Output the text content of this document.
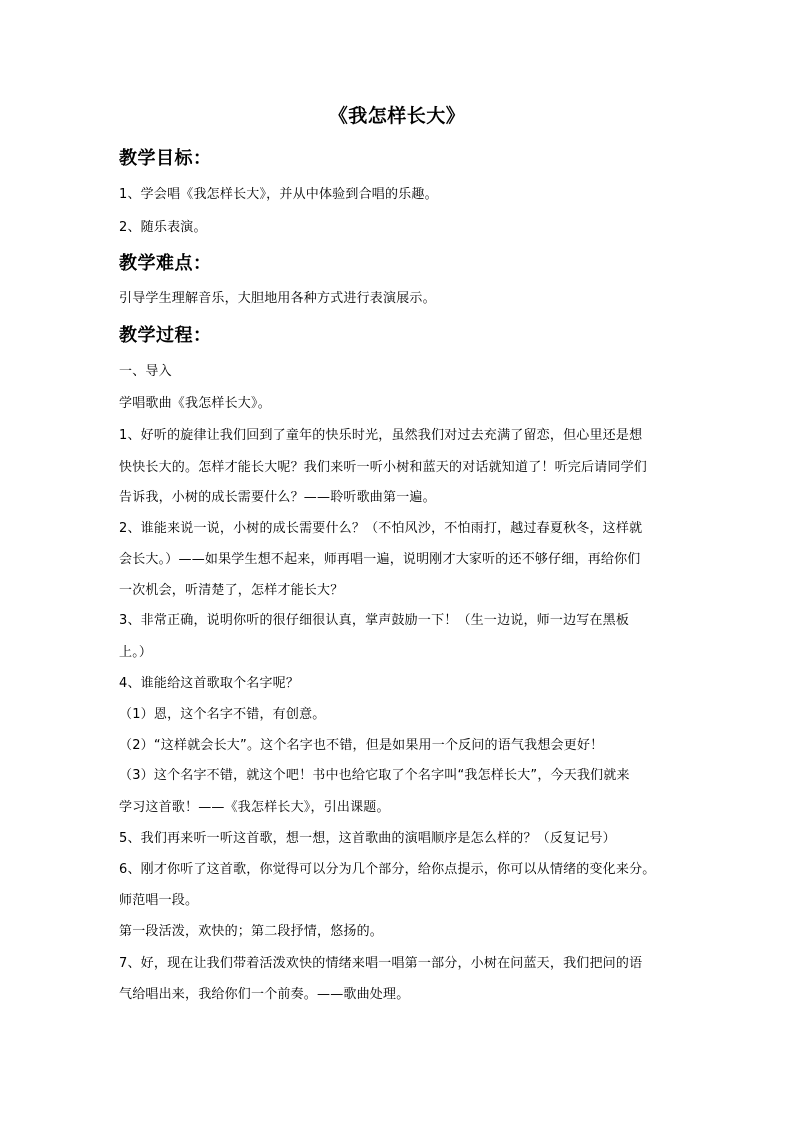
《我怎样长大》
教学目标：
1、学会唱《我怎样长大》，并从中体验到合唱的乐趣。
2、随乐表演。
教学难点：
引导学生理解音乐，大胆地用各种方式进行表演展示。
教学过程：
一、导入
学唱歌曲《我怎样长大》。
1、好听的旋律让我们回到了童年的快乐时光，虽然我们对过去充满了留恋，但心里还是想
快快长大的。怎样才能长大呢？我们来听一听小树和蓝天的对话就知道了！听完后请同学们
告诉我，小树的成长需要什么？——聆听歌曲第一遍。
2、谁能来说一说，小树的成长需要什么？（不怕风沙，不怕雨打，越过春夏秋冬，这样就
会长大。）——如果学生想不起来，师再唱一遍，说明刚才大家听的还不够仔细，再给你们
一次机会，听清楚了，怎样才能长大？
3、非常正确，说明你听的很仔细很认真，掌声鼓励一下！（生一边说，师一边写在黑板
上。）
4、谁能给这首歌取个名字呢？
（1）恩，这个名字不错，有创意。
（2）“这样就会长大”。这个名字也不错，但是如果用一个反问的语气我想会更好！
（3）这个名字不错，就这个吧！书中也给它取了个名字叫“我怎样长大”，今天我们就来
学习这首歌！——《我怎样长大》，引出课题。
5、我们再来听一听这首歌，想一想，这首歌曲的演唱顺序是怎么样的？（反复记号）
6、刚才你听了这首歌，你觉得可以分为几个部分，给你点提示，你可以从情绪的变化来分。
师范唱一段。
第一段活泼，欢快的；第二段抒情，悠扬的。
7、好，现在让我们带着活泼欢快的情绪来唱一唱第一部分，小树在问蓝天，我们把问的语
气给唱出来，我给你们一个前奏。——歌曲处理。
